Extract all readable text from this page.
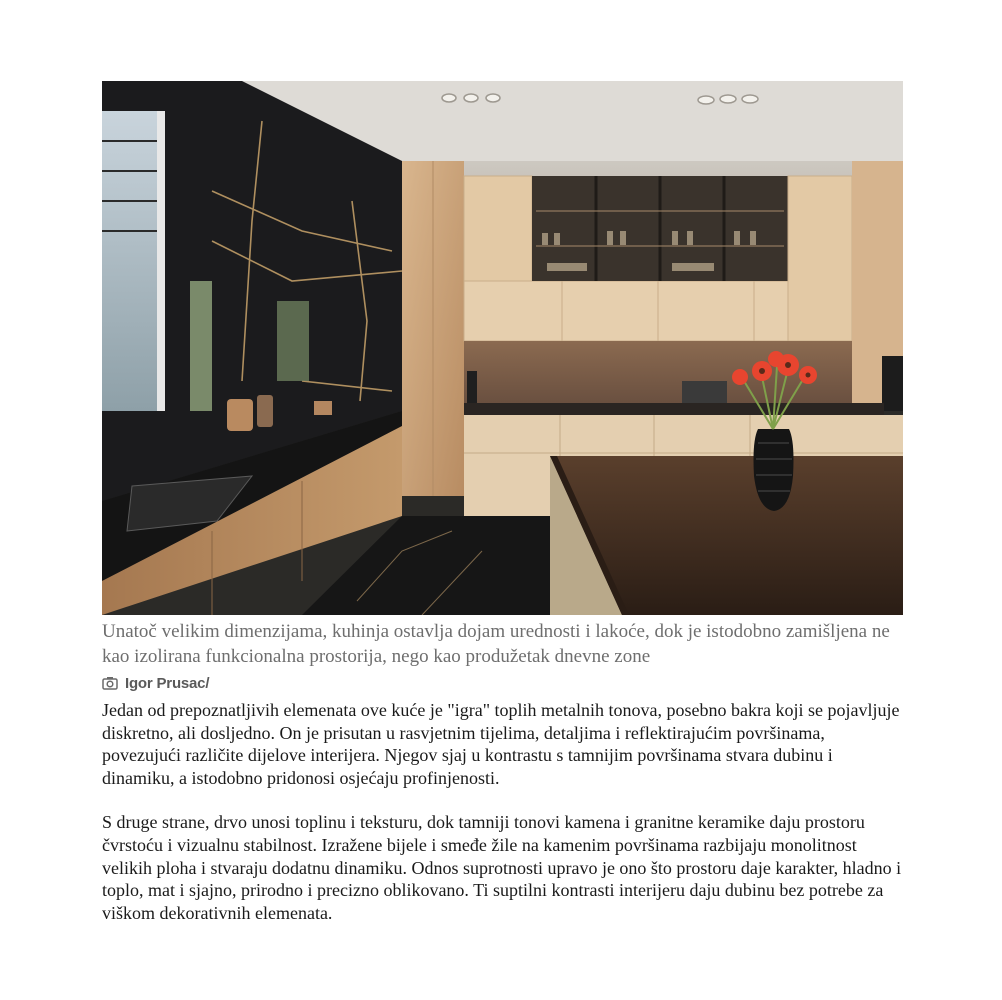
Unatoč velikim dimenzijama, kuhinja ostavlja dojam urednosti i lakoće, dok je istodobno zamišljena ne kao izolirana funkcionalna prostorija, nego kao produžetak dnevne zone

Igor Prusac/

Jedan od prepoznatljivih elemenata ove kuće je "igra" toplih metalnih tonova, posebno bakra koji se pojavljuje diskretno, ali dosljedno. On je prisutan u rasvjetnim tijelima, detaljima i reflektirajućim površinama, povezujući različite dijelove interijera. Njegov sjaj u kontrastu s tamnijim površinama stvara dubinu i dinamiku, a istodobno pridonosi osjećaju profinjenosti.

S druge strane, drvo unosi toplinu i teksturu, dok tamniji tonovi kamena i granitne keramike daju prostoru čvrstoću i vizualnu stabilnost. Izražene bijele i smeđe žile na kamenim površinama razbijaju monolitnost velikih ploha i stvaraju dodatnu dinamiku. Odnos suprotnosti upravo je ono što prostoru daje karakter, hladno i toplo, mat i sjajno, prirodno i precizno oblikovano. Ti suptilni kontrasti interijeru daju dubinu bez potrebe za viškom dekorativnih elemenata.
